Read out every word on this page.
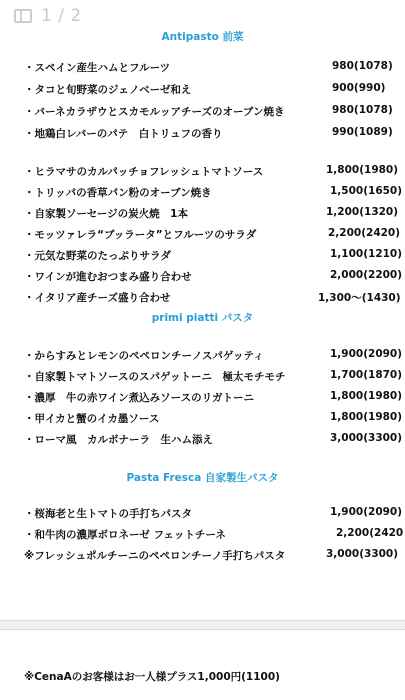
Antipasto 前菜
・スペイン産生ハムとフルーツ	980(1078)
・タコと旬野菜のジェノベーゼ和え	900(990)
・バーネカラザウとスカモルッアチーズのオーブン焼き	980(1078)
・地鶏白レバーのパテ　白トリュフの香り	990(1089)
・ヒラマサのカルパッチョフレッシュトマトソース	1,800(1980)
・トリッパの香草パン粉のオーブン焼き	1,500(1650)
・自家製ソーセージの炭火焼　1本	1,200(1320)
・モッツァレラ“ブッラータ”とフルーツのサラダ	2,200(2420)
・元気な野菜のたっぷりサラダ	1,100(1210)
・ワインが進むおつまみ盛り合わせ	2,000(2200)
・イタリア産チーズ盛り合わせ	1,300～(1430)
primi piatti パスタ
・からすみとレモンのペペロンチーノスパゲッティ	1,900(2090)
・自家製トマトソースのスパゲットーニ　極太モチモチ	1,700(1870)
・濃厚　牛の赤ワイン煮込みソースのリガトーニ	1,800(1980)
・甲イカと蟹のイカ墨ソース	1,800(1980)
・ローマ風　カルボナーラ　生ハム添え	3,000(3300)
Pasta Fresca 自家製生パスタ
・桜海老と生トマトの手打ちパスタ	1,900(2090)
・和牛肉の濃厚ボロネーゼ フェットチーネ	2,200(2420
※フレッシュポルチーニのペペロンチーノ手打ちパスタ	3,000(3300)
※CenaAのお客様はお一人様プラス1,000円(1100)
1 / 2
